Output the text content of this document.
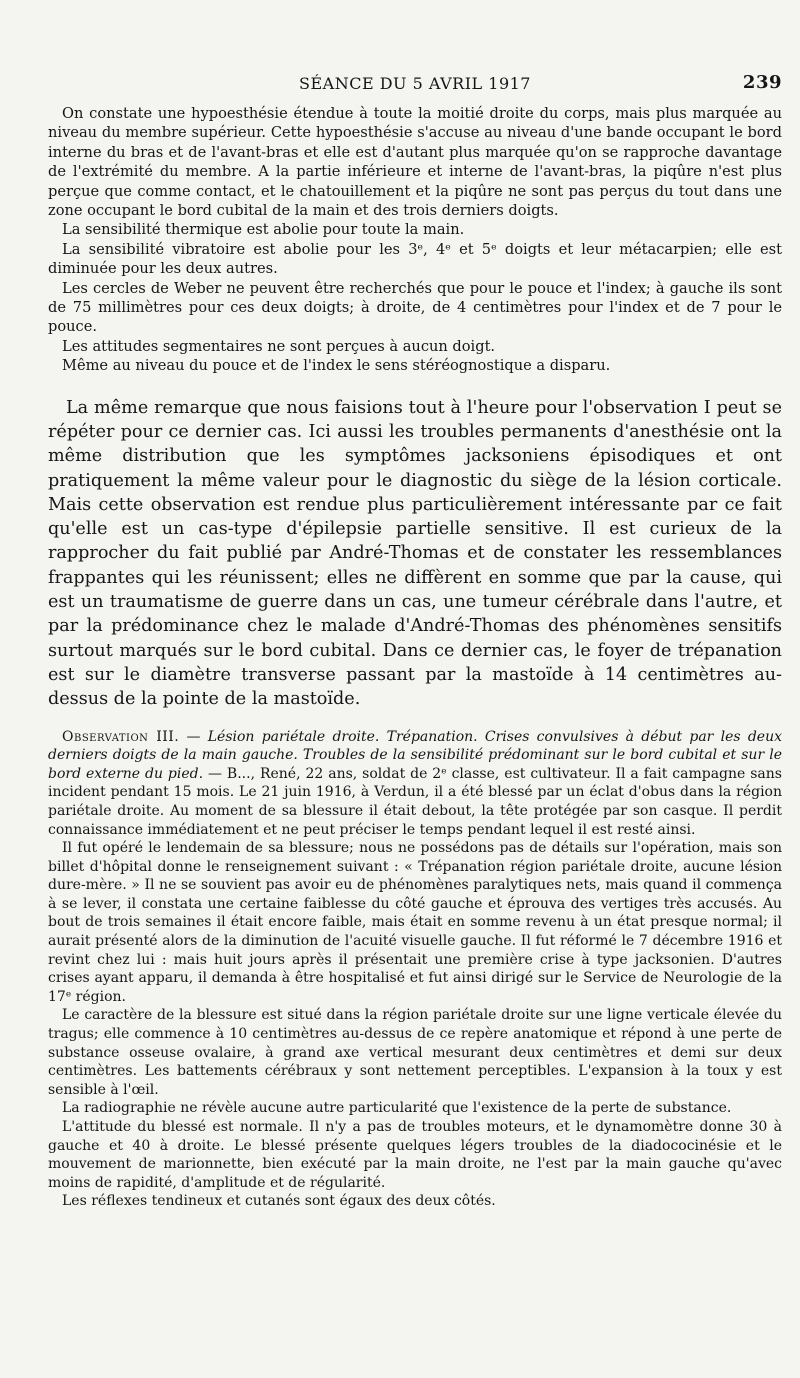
SÉANCE DU 5 AVRIL 1917	239

On constate une hypoesthésie étendue à toute la moitié droite du corps, mais plus marquée au niveau du membre supérieur. Cette hypoesthésie s'accuse au niveau d'une bande occupant le bord interne du bras et de l'avant-bras et elle est d'autant plus marquée qu'on se rapproche davantage de l'extrémité du membre. A la partie inférieure et interne de l'avant-bras, la piqûre n'est plus perçue que comme contact, et le chatouillement et la piqûre ne sont pas perçus du tout dans une zone occupant le bord cubital de la main et des trois derniers doigts.

La sensibilité thermique est abolie pour toute la main.

La sensibilité vibratoire est abolie pour les 3ᵉ, 4ᵉ et 5ᵉ doigts et leur métacarpien; elle est diminuée pour les deux autres.

Les cercles de Weber ne peuvent être recherchés que pour le pouce et l'index; à gauche ils sont de 75 millimètres pour ces deux doigts; à droite, de 4 centimètres pour l'index et de 7 pour le pouce.

Les attitudes segmentaires ne sont perçues à aucun doigt.

Même au niveau du pouce et de l'index le sens stéréognostique a disparu.

La même remarque que nous faisions tout à l'heure pour l'observation I peut se répéter pour ce dernier cas. Ici aussi les troubles permanents d'anesthésie ont la même distribution que les symptômes jacksoniens épisodiques et ont pratiquement la même valeur pour le diagnostic du siège de la lésion corticale. Mais cette observation est rendue plus particulièrement intéressante par ce fait qu'elle est un cas-type d'épilepsie partielle sensitive. Il est curieux de la rapprocher du fait publié par André-Thomas et de constater les ressemblances frappantes qui les réunissent; elles ne diffèrent en somme que par la cause, qui est un traumatisme de guerre dans un cas, une tumeur cérébrale dans l'autre, et par la prédominance chez le malade d'André-Thomas des phénomènes sensitifs surtout marqués sur le bord cubital. Dans ce dernier cas, le foyer de trépanation est sur le diamètre transverse passant par la mastoïde à 14 centimètres au-dessus de la pointe de la mastoïde.

Observation III. — Lésion pariétale droite. Trépanation. Crises convulsives à début par les deux derniers doigts de la main gauche. Troubles de la sensibilité prédominant sur le bord cubital et sur le bord externe du pied. — B..., René, 22 ans, soldat de 2ᵉ classe, est cultivateur. Il a fait campagne sans incident pendant 15 mois. Le 21 juin 1916, à Verdun, il a été blessé par un éclat d'obus dans la région pariétale droite. Au moment de sa blessure il était debout, la tête protégée par son casque. Il perdit connaissance immédiatement et ne peut préciser le temps pendant lequel il est resté ainsi.

Il fut opéré le lendemain de sa blessure; nous ne possédons pas de détails sur l'opération, mais son billet d'hôpital donne le renseignement suivant : « Trépanation région pariétale droite, aucune lésion dure-mère. » Il ne se souvient pas avoir eu de phénomènes paralytiques nets, mais quand il commença à se lever, il constata une certaine faiblesse du côté gauche et éprouva des vertiges très accusés. Au bout de trois semaines il était encore faible, mais était en somme revenu à un état presque normal; il aurait présenté alors de la diminution de l'acuité visuelle gauche. Il fut réformé le 7 décembre 1916 et revint chez lui : mais huit jours après il présentait une première crise à type jacksonien. D'autres crises ayant apparu, il demanda à être hospitalisé et fut ainsi dirigé sur le Service de Neurologie de la 17ᵉ région.

Le caractère de la blessure est situé dans la région pariétale droite sur une ligne verticale élevée du tragus; elle commence à 10 centimètres au-dessus de ce repère anatomique et répond à une perte de substance osseuse ovalaire, à grand axe vertical mesurant deux centimètres et demi sur deux centimètres. Les battements cérébraux y sont nettement perceptibles. L'expansion à la toux y est sensible à l'œil.

La radiographie ne révèle aucune autre particularité que l'existence de la perte de substance.

L'attitude du blessé est normale. Il n'y a pas de troubles moteurs, et le dynamomètre donne 30 à gauche et 40 à droite. Le blessé présente quelques légers troubles de la diadococinésie et le mouvement de marionnette, bien exécuté par la main droite, ne l'est par la main gauche qu'avec moins de rapidité, d'amplitude et de régularité.

Les réflexes tendineux et cutanés sont égaux des deux côtés.
